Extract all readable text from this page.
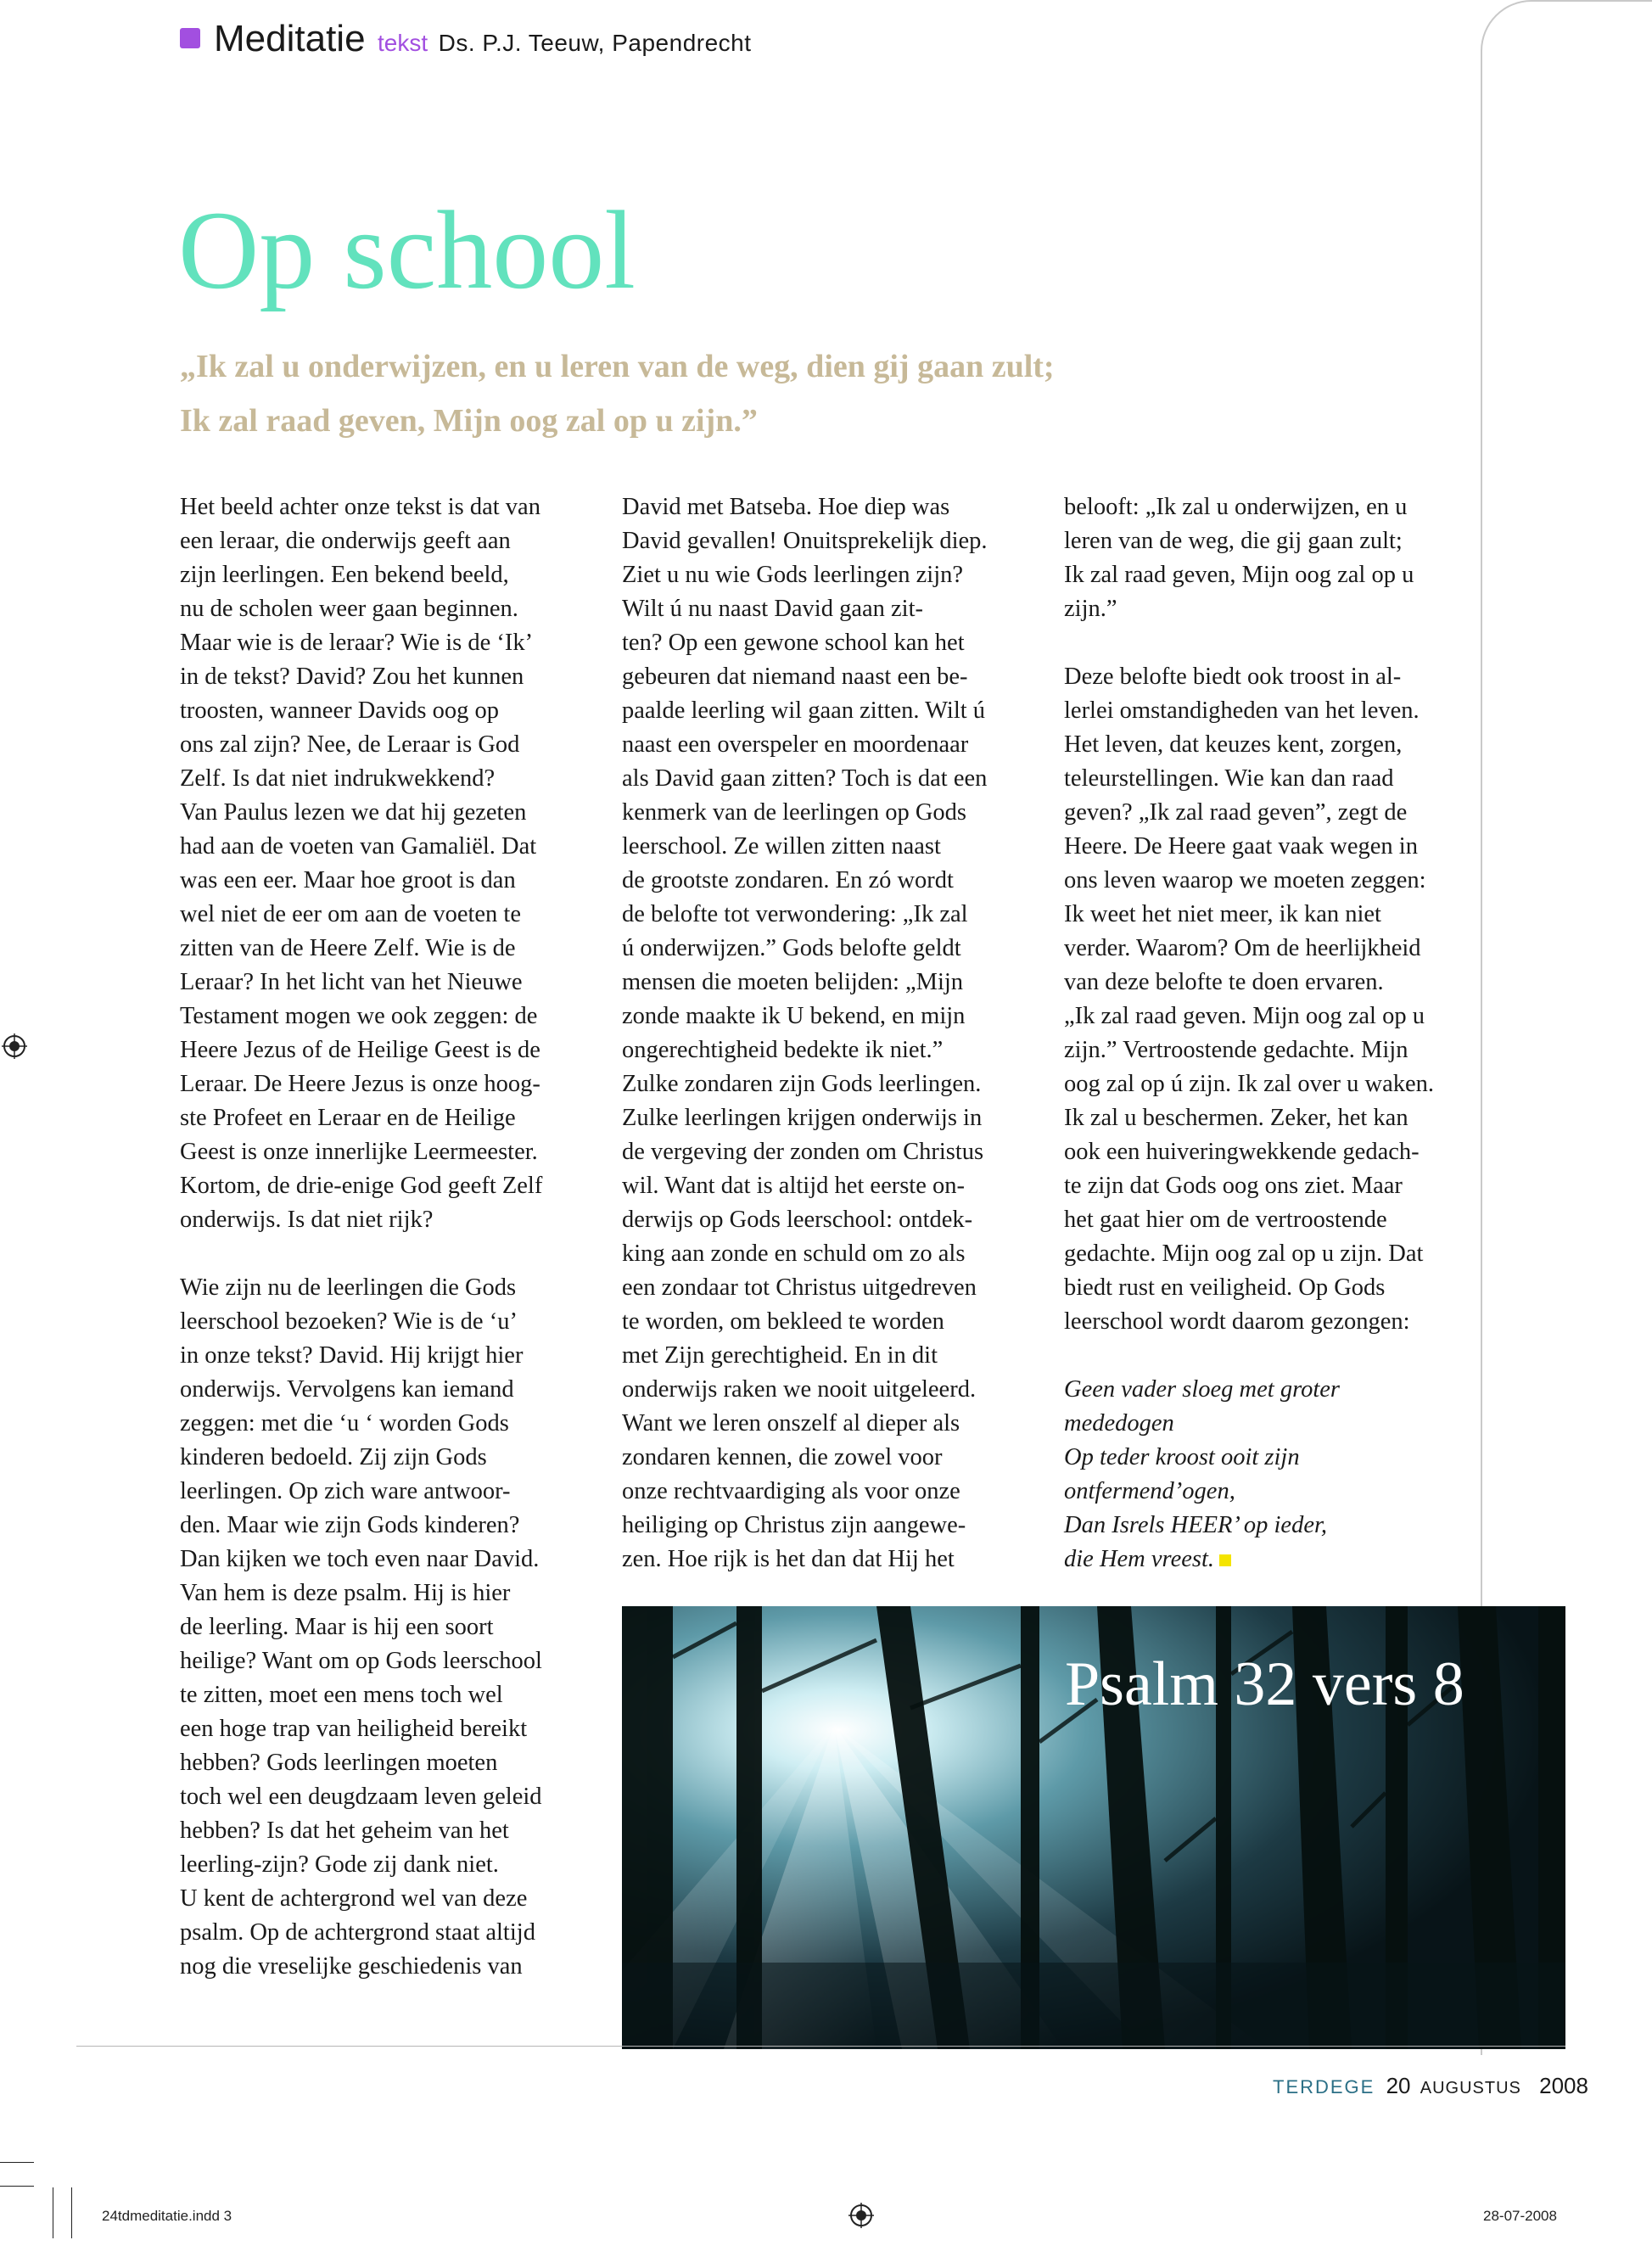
Meditatie tekst Ds. P.J. Teeuw, Papendrecht
Op school
„Ik zal u onderwijzen, en u leren van de weg, dien gij gaan zult;
Ik zal raad geven, Mijn oog zal op u zijn.”
Het beeld achter onze tekst is dat van
een leraar, die onderwijs geeft aan
zijn leerlingen. Een bekend beeld,
nu de scholen weer gaan beginnen.
Maar wie is de leraar? Wie is de ‘Ik’
in de tekst? David? Zou het kunnen
troosten, wanneer Davids oog op
ons zal zijn? Nee, de Leraar is God
Zelf. Is dat niet indrukwekkend?
Van Paulus lezen we dat hij gezeten
had aan de voeten van Gamaliël. Dat
was een eer. Maar hoe groot is dan
wel niet de eer om aan de voeten te
zitten van de Heere Zelf. Wie is de
Leraar? In het licht van het Nieuwe
Testament mogen we ook zeggen: de
Heere Jezus of de Heilige Geest is de
Leraar. De Heere Jezus is onze hoog-
ste Profeet en Leraar en de Heilige
Geest is onze innerlijke Leermeester.
Kortom, de drie-enige God geeft Zelf
onderwijs. Is dat niet rijk?
Wie zijn nu de leerlingen die Gods
leerschool bezoeken? Wie is de ‘u’
in onze tekst? David. Hij krijgt hier
onderwijs. Vervolgens kan iemand
zeggen: met die ‘u ‘ worden Gods
kinderen bedoeld. Zij zijn Gods
leerlingen. Op zich ware antwoor-
den. Maar wie zijn Gods kinderen?
Dan kijken we toch even naar David.
Van hem is deze psalm. Hij is hier
de leerling. Maar is hij een soort
heilige? Want om op Gods leerschool
te zitten, moet een mens toch wel
een hoge trap van heiligheid bereikt
hebben? Gods leerlingen moeten
toch wel een deugdzaam leven geleid
hebben? Is dat het geheim van het
leerling-zijn? Gode zij dank niet.
U kent de achtergrond wel van deze
psalm. Op de achtergrond staat altijd
nog die vreselijke geschiedenis van
David met Batseba. Hoe diep was
David gevallen! Onuitsprekelijk diep.
Ziet u nu wie Gods leerlingen zijn?
Wilt ú nu naast David gaan zit-
ten? Op een gewone school kan het
gebeuren dat niemand naast een be-
paalde leerling wil gaan zitten. Wilt ú
naast een overspeler en moordenaar
als David gaan zitten? Toch is dat een
kenmerk van de leerlingen op Gods
leerschool. Ze willen zitten naast
de grootste zondaren. En zó wordt
de belofte tot verwondering: „Ik zal
ú onderwijzen.” Gods belofte geldt
mensen die moeten belijden: „Mijn
zonde maakte ik U bekend, en mijn
ongerechtigheid bedekte ik niet.”
Zulke zondaren zijn Gods leerlingen.
Zulke leerlingen krijgen onderwijs in
de vergeving der zonden om Christus
wil. Want dat is altijd het eerste on-
derwijs op Gods leerschool: ontdek-
king aan zonde en schuld om zo als
een zondaar tot Christus uitgedreven
te worden, om bekleed te worden
met Zijn gerechtigheid. En in dit
onderwijs raken we nooit uitgeleerd.
Want we leren onszelf al dieper als
zondaren kennen, die zowel voor
onze rechtvaardiging als voor onze
heiliging op Christus zijn aangewe-
zen. Hoe rijk is het dan dat Hij het
belooft: „Ik zal u onderwijzen, en u
leren van de weg, die gij gaan zult;
Ik zal raad geven, Mijn oog zal op u
zijn.”
Deze belofte biedt ook troost in al-
lerlei omstandigheden van het leven.
Het leven, dat keuzes kent, zorgen,
teleurstellingen. Wie kan dan raad
geven? „Ik zal raad geven”, zegt de
Heere. De Heere gaat vaak wegen in
ons leven waarop we moeten zeggen:
Ik weet het niet meer, ik kan niet
verder. Waarom? Om de heerlijkheid
van deze belofte te doen ervaren.
„Ik zal raad geven. Mijn oog zal op u
zijn.” Vertroostende gedachte. Mijn
oog zal op ú zijn. Ik zal over u waken.
Ik zal u beschermen. Zeker, het kan
ook een huiveringwekkende gedach-
te zijn dat Gods oog ons ziet. Maar
het gaat hier om de vertroostende
gedachte. Mijn oog zal op u zijn. Dat
biedt rust en veiligheid. Op Gods
leerschool wordt daarom gezongen:
Geen vader sloeg met groter
mededogen
Op teder kroost ooit zijn
ontfermend’ogen,
Dan Isrels HEER’ op ieder,
die Hem vreest.
Psalm 32 vers 8
TERDEGE 20 AUGUSTUS 2008
24tdmeditatie.indd 3	28-07-2008
